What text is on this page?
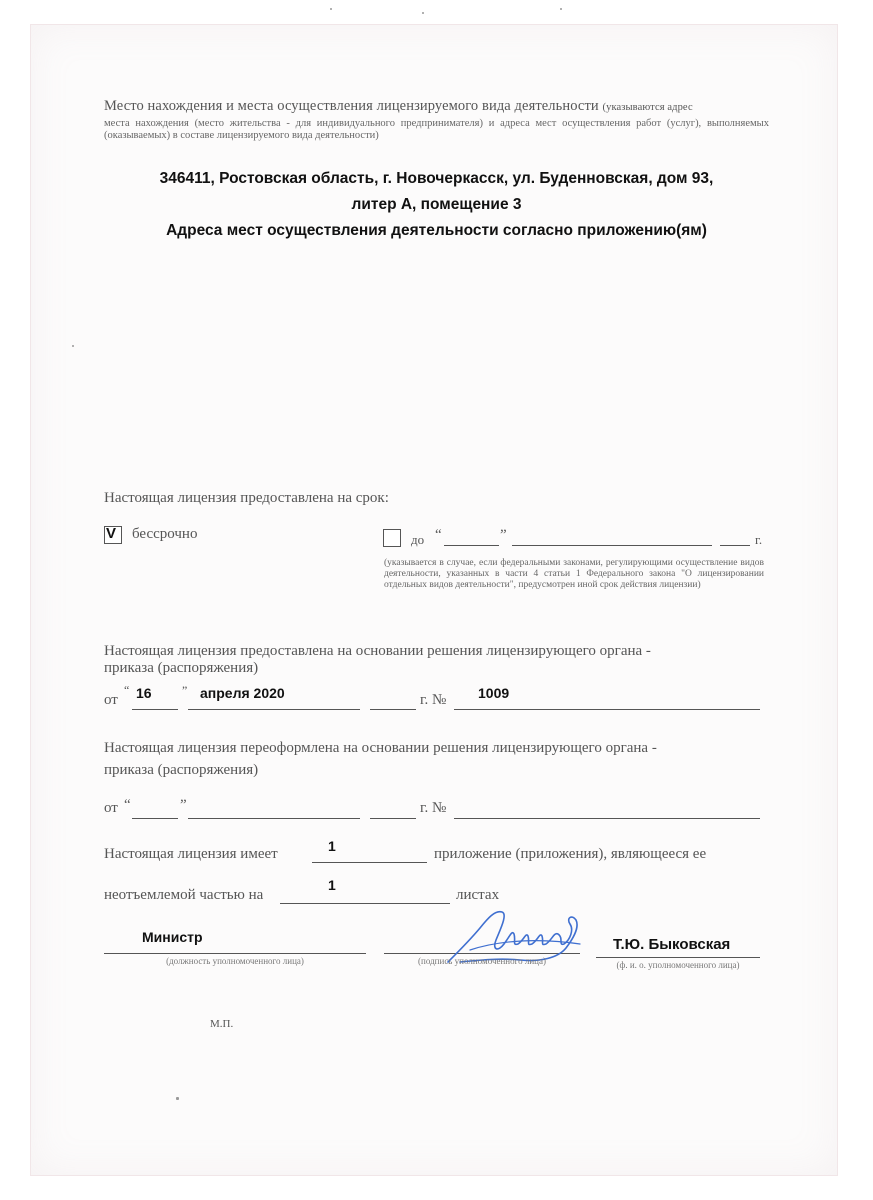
Место нахождения и места осуществления лицензируемого вида деятельности (указываются адрес
места нахождения (место жительства - для индивидуального предпринимателя) и адреса мест осуществления работ (услуг), выполняемых (оказываемых) в составе лицензируемого вида деятельности)
346411, Ростовская область, г. Новочеркасск, ул. Буденновская, дом 93,
литер А, помещение 3
Адреса мест осуществления деятельности согласно приложению(ям)
Настоящая лицензия предоставлена на срок:
V бессрочно	до “	”	г.
(указывается в случае, если федеральными законами, регулирующими осуществление видов деятельности, указанных в части 4 статьи 1 Федерального закона "О лицензировании отдельных видов деятельности", предусмотрен иной срок действия лицензии)
Настоящая лицензия предоставлена на основании решения лицензирующего органа -
приказа (распоряжения)
от
“ 16	” апреля 2020	г. № 1009
Настоящая лицензия переоформлена на основании решения лицензирующего органа -
приказа (распоряжения)
от “	”	г. №
Настоящая лицензия имеет	1	приложение (приложения), являющееся ее
неотъемлемой частью на
1
листах
Министр
(должность уполномоченного лица)	(подпись уполномоченного лица)
Т.Ю. Быковская
(ф. и. о. уполномоченного лица)
М.П.
